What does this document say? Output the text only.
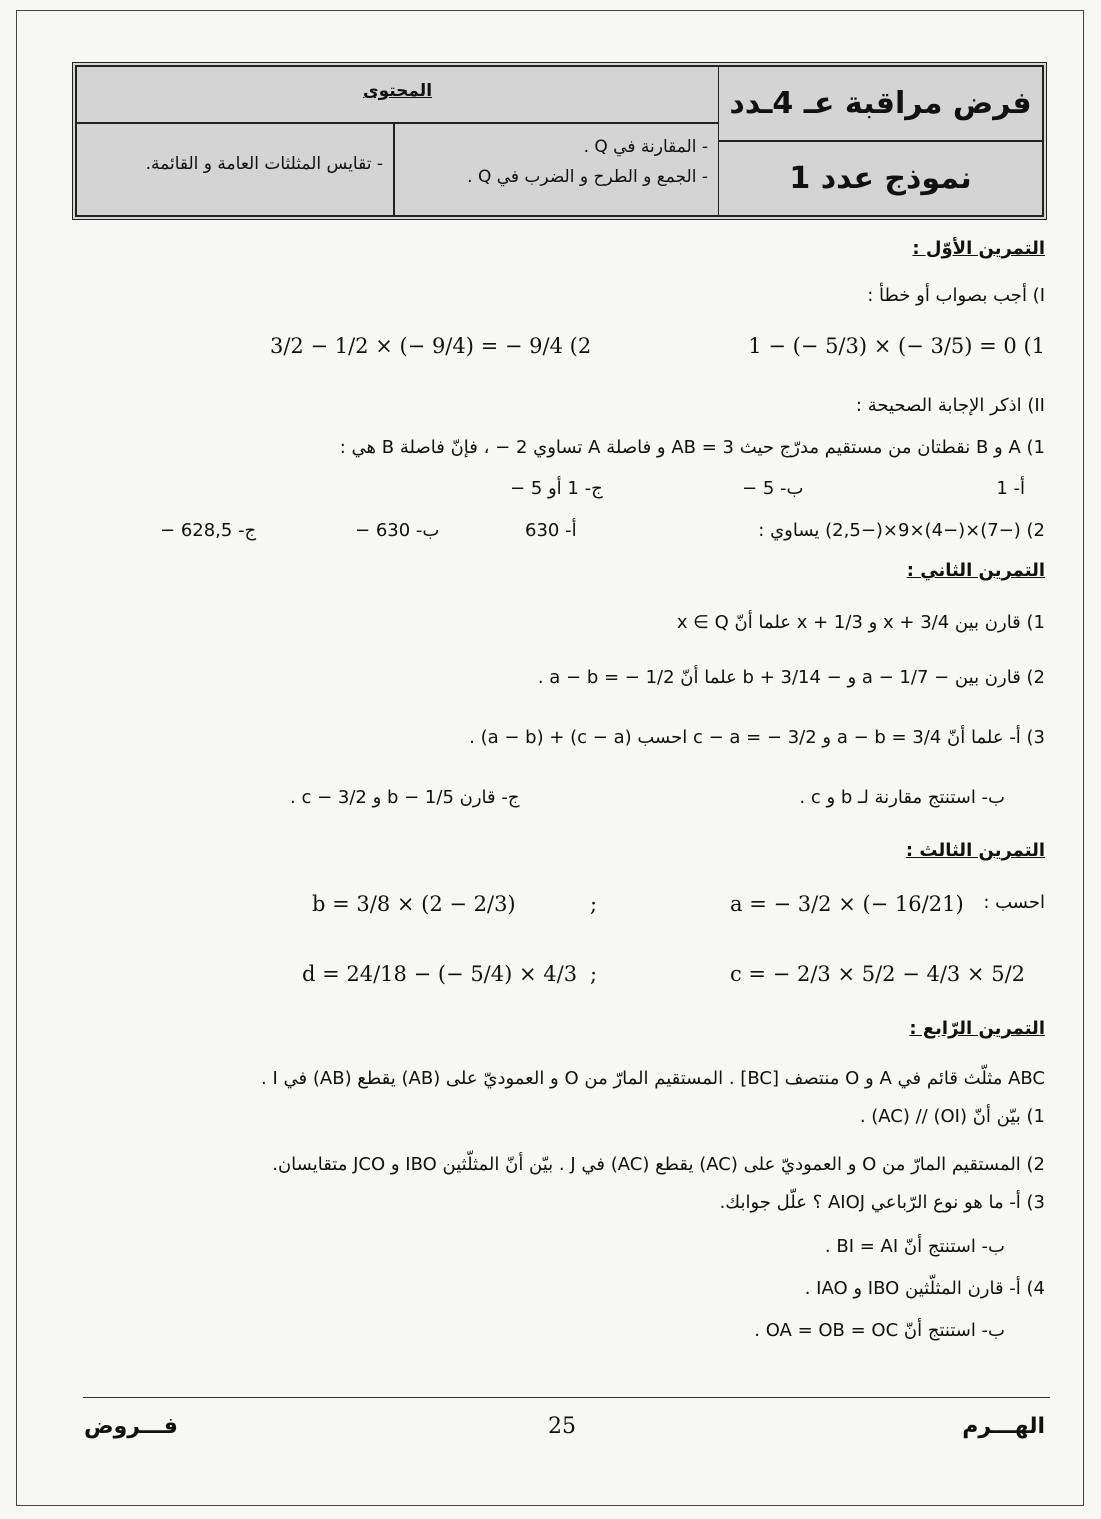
فرض مراقبة عـ 4ـدد
نموذج عدد 1
المحتوى
- المقارنة في Q .
- الجمع و الطرح و الضرب في Q .
- تقايس المثلثات العامة و القائمة.
التمرين الأوّل :
I) أجب بصواب أو خطأ :
1 − (− 5/3) × (− 3/5) = 0 (1
3/2 − 1/2 × (− 9/4) = − 9/4 (2
II) اذكر الإجابة الصحيحة :
1) A و B نقطتان من مستقيم مدرّج حيث AB = 3 و فاصلة A تساوي 2 − ، فإنّ فاصلة B هي :
أ- 1
ب- 5 −
ج- 1 أو 5 −
2) (−7)×(−4)×9×(−2,5) يساوي :
أ- 630
ب- 630 −
ج- 628,5 −
التمرين الثاني :
1) قارن بين x + 3/4 و x + 1/3 علما أنّ x ∈ Q
2) قارن بين − a − 1/7 و − b + 3/14 علما أنّ a − b = − 1/2 .
3) أ- علما أنّ a − b = 3/4 و c − a = − 3/2 احسب (c − a) + (a − b) .
ب- استنتج مقارنة لـ b و c .
ج- قارن b − 1/5 و c − 3/2 .
التمرين الثالث :
احسب :
a = − 3/2 × (− 16/21)
;
b = 3/8 × (2 − 2/3)
c = − 2/3 × 5/2 − 4/3 × 5/2
;
d = 24/18 − (− 5/4) × 4/3
التمرين الرّابع :
ABC مثلّث قائم في A و O منتصف [BC] . المستقيم المارّ من O و العموديّ على (AB) يقطع (AB) في I .
1) بيّن أنّ (OI) // (AC) .
2) المستقيم المارّ من O و العموديّ على (AC) يقطع (AC) في J . بيّن أنّ المثلّثين IBO و JCO متقايسان.
3) أ- ما هو نوع الرّباعي AIOJ ؟ علّل جوابك.
ب- استنتج أنّ BI = AI .
4) أ- قارن المثلّثين IBO و IAO .
ب- استنتج أنّ OA = OB = OC .
الهـــرم
25
فـــروض
